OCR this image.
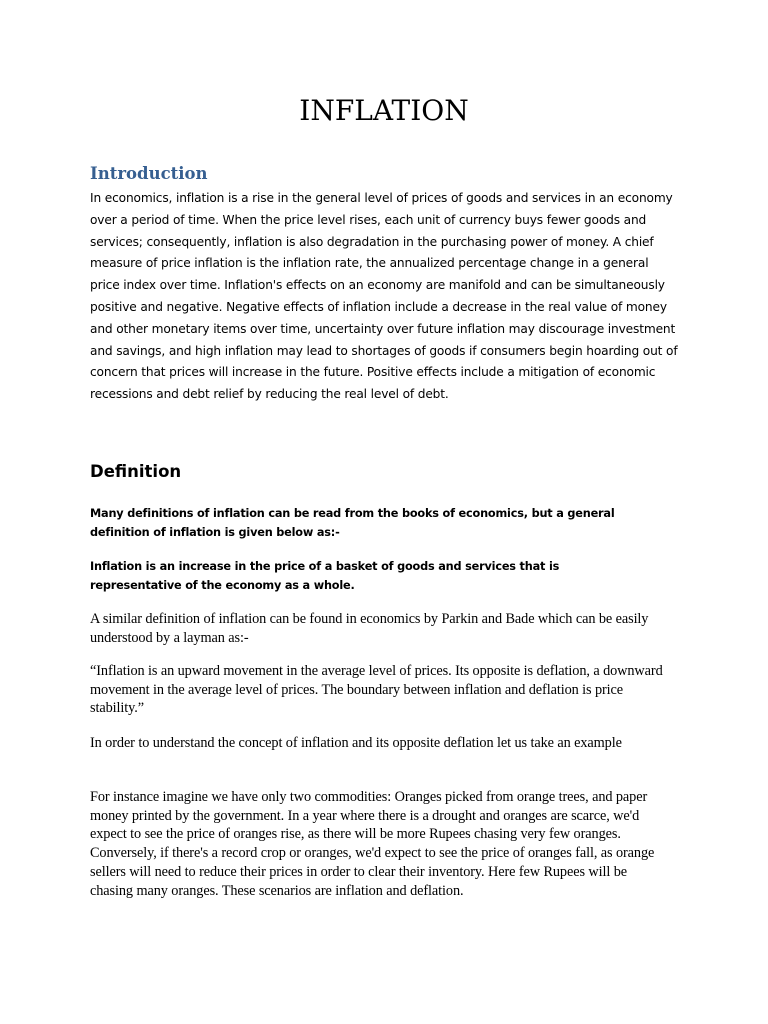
INFLATION
Introduction

In economics, inflation is a rise in the general level of prices of goods and services in an economy over a period of time. When the price level rises, each unit of currency buys fewer goods and services; consequently, inflation is also degradation in the purchasing power of money. A chief measure of price inflation is the inflation rate, the annualized percentage change in a general price index over time. Inflation's effects on an economy are manifold and can be simultaneously positive and negative. Negative effects of inflation include a decrease in the real value of money and other monetary items over time, uncertainty over future inflation may discourage investment and savings, and high inflation may lead to shortages of goods if consumers begin hoarding out of concern that prices will increase in the future. Positive effects include a mitigation of economic recessions and debt relief by reducing the real level of debt.

Definition

Many definitions of inflation can be read from the books of economics, but a general definition of inflation is given below as:-

Inflation is an increase in the price of a basket of goods and services that is representative of the economy as a whole.

A similar definition of inflation can be found in economics by Parkin and Bade which can be easily understood by a layman as:-

“Inflation is an upward movement in the average level of prices. Its opposite is deflation, a downward movement in the average level of prices. The boundary between inflation and deflation is price stability.”

In order to understand the concept of inflation and its opposite deflation let us take an example

For instance imagine we have only two commodities: Oranges picked from orange trees, and paper money printed by the government. In a year where there is a drought and oranges are scarce, we'd expect to see the price of oranges rise, as there will be more Rupees chasing very few oranges. Conversely, if there's a record crop or oranges, we'd expect to see the price of oranges fall, as orange sellers will need to reduce their prices in order to clear their inventory. Here few Rupees will be chasing many oranges. These scenarios are inflation and deflation.
